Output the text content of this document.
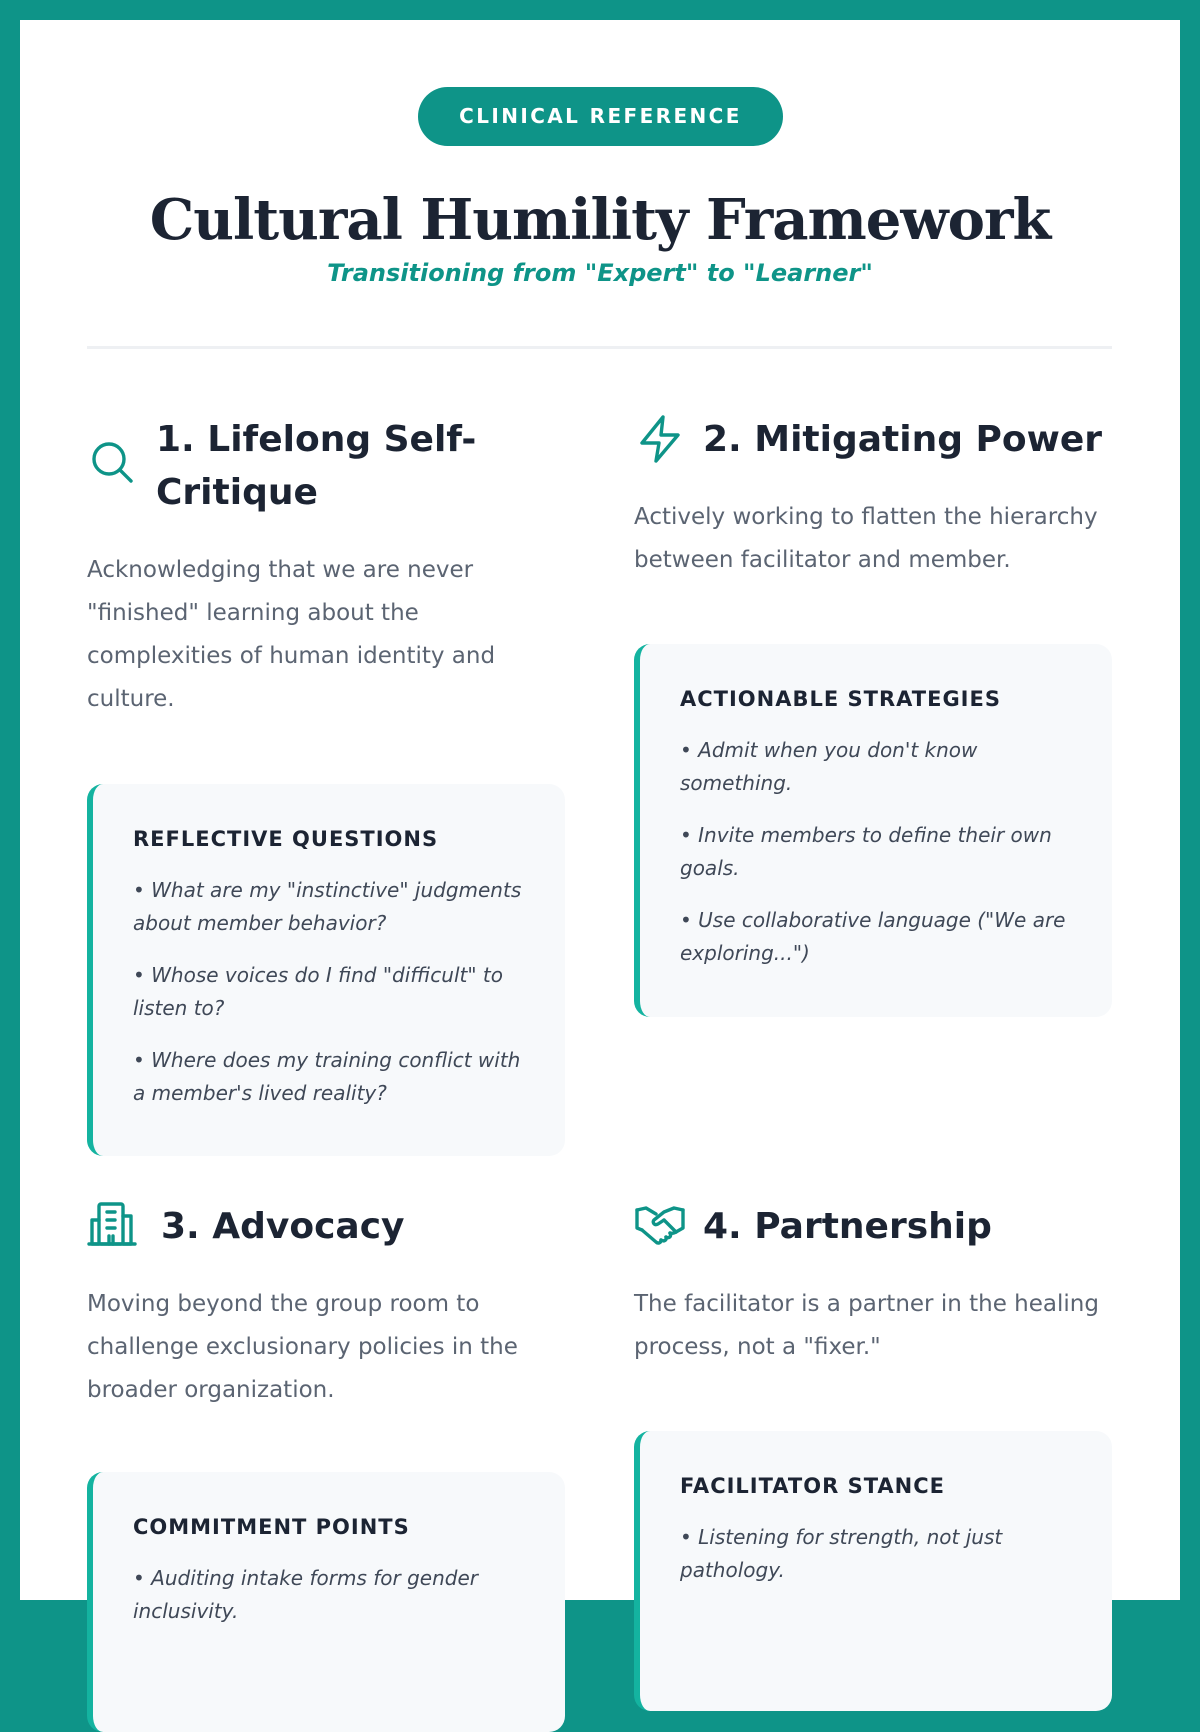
CLINICAL REFERENCE
Cultural Humility Framework
Transitioning from "Expert" to "Learner"
1. Lifelong Self-Critique

Acknowledging that we are never "finished" learning about the complexities of human identity and culture.

REFLECTIVE QUESTIONS
• What are my "instinctive" judgments about member behavior?
• Whose voices do I find "difficult" to listen to?
• Where does my training conflict with a member's lived reality?
2. Mitigating Power

Actively working to flatten the hierarchy between facilitator and member.

ACTIONABLE STRATEGIES
• Admit when you don't know something.
• Invite members to define their own goals.
• Use collaborative language ("We are exploring...")
3. Advocacy

Moving beyond the group room to challenge exclusionary policies in the broader organization.

COMMITMENT POINTS
• Auditing intake forms for gender inclusivity.
4. Partnership

The facilitator is a partner in the healing process, not a "fixer."

FACILITATOR STANCE
• Listening for strength, not just pathology.
